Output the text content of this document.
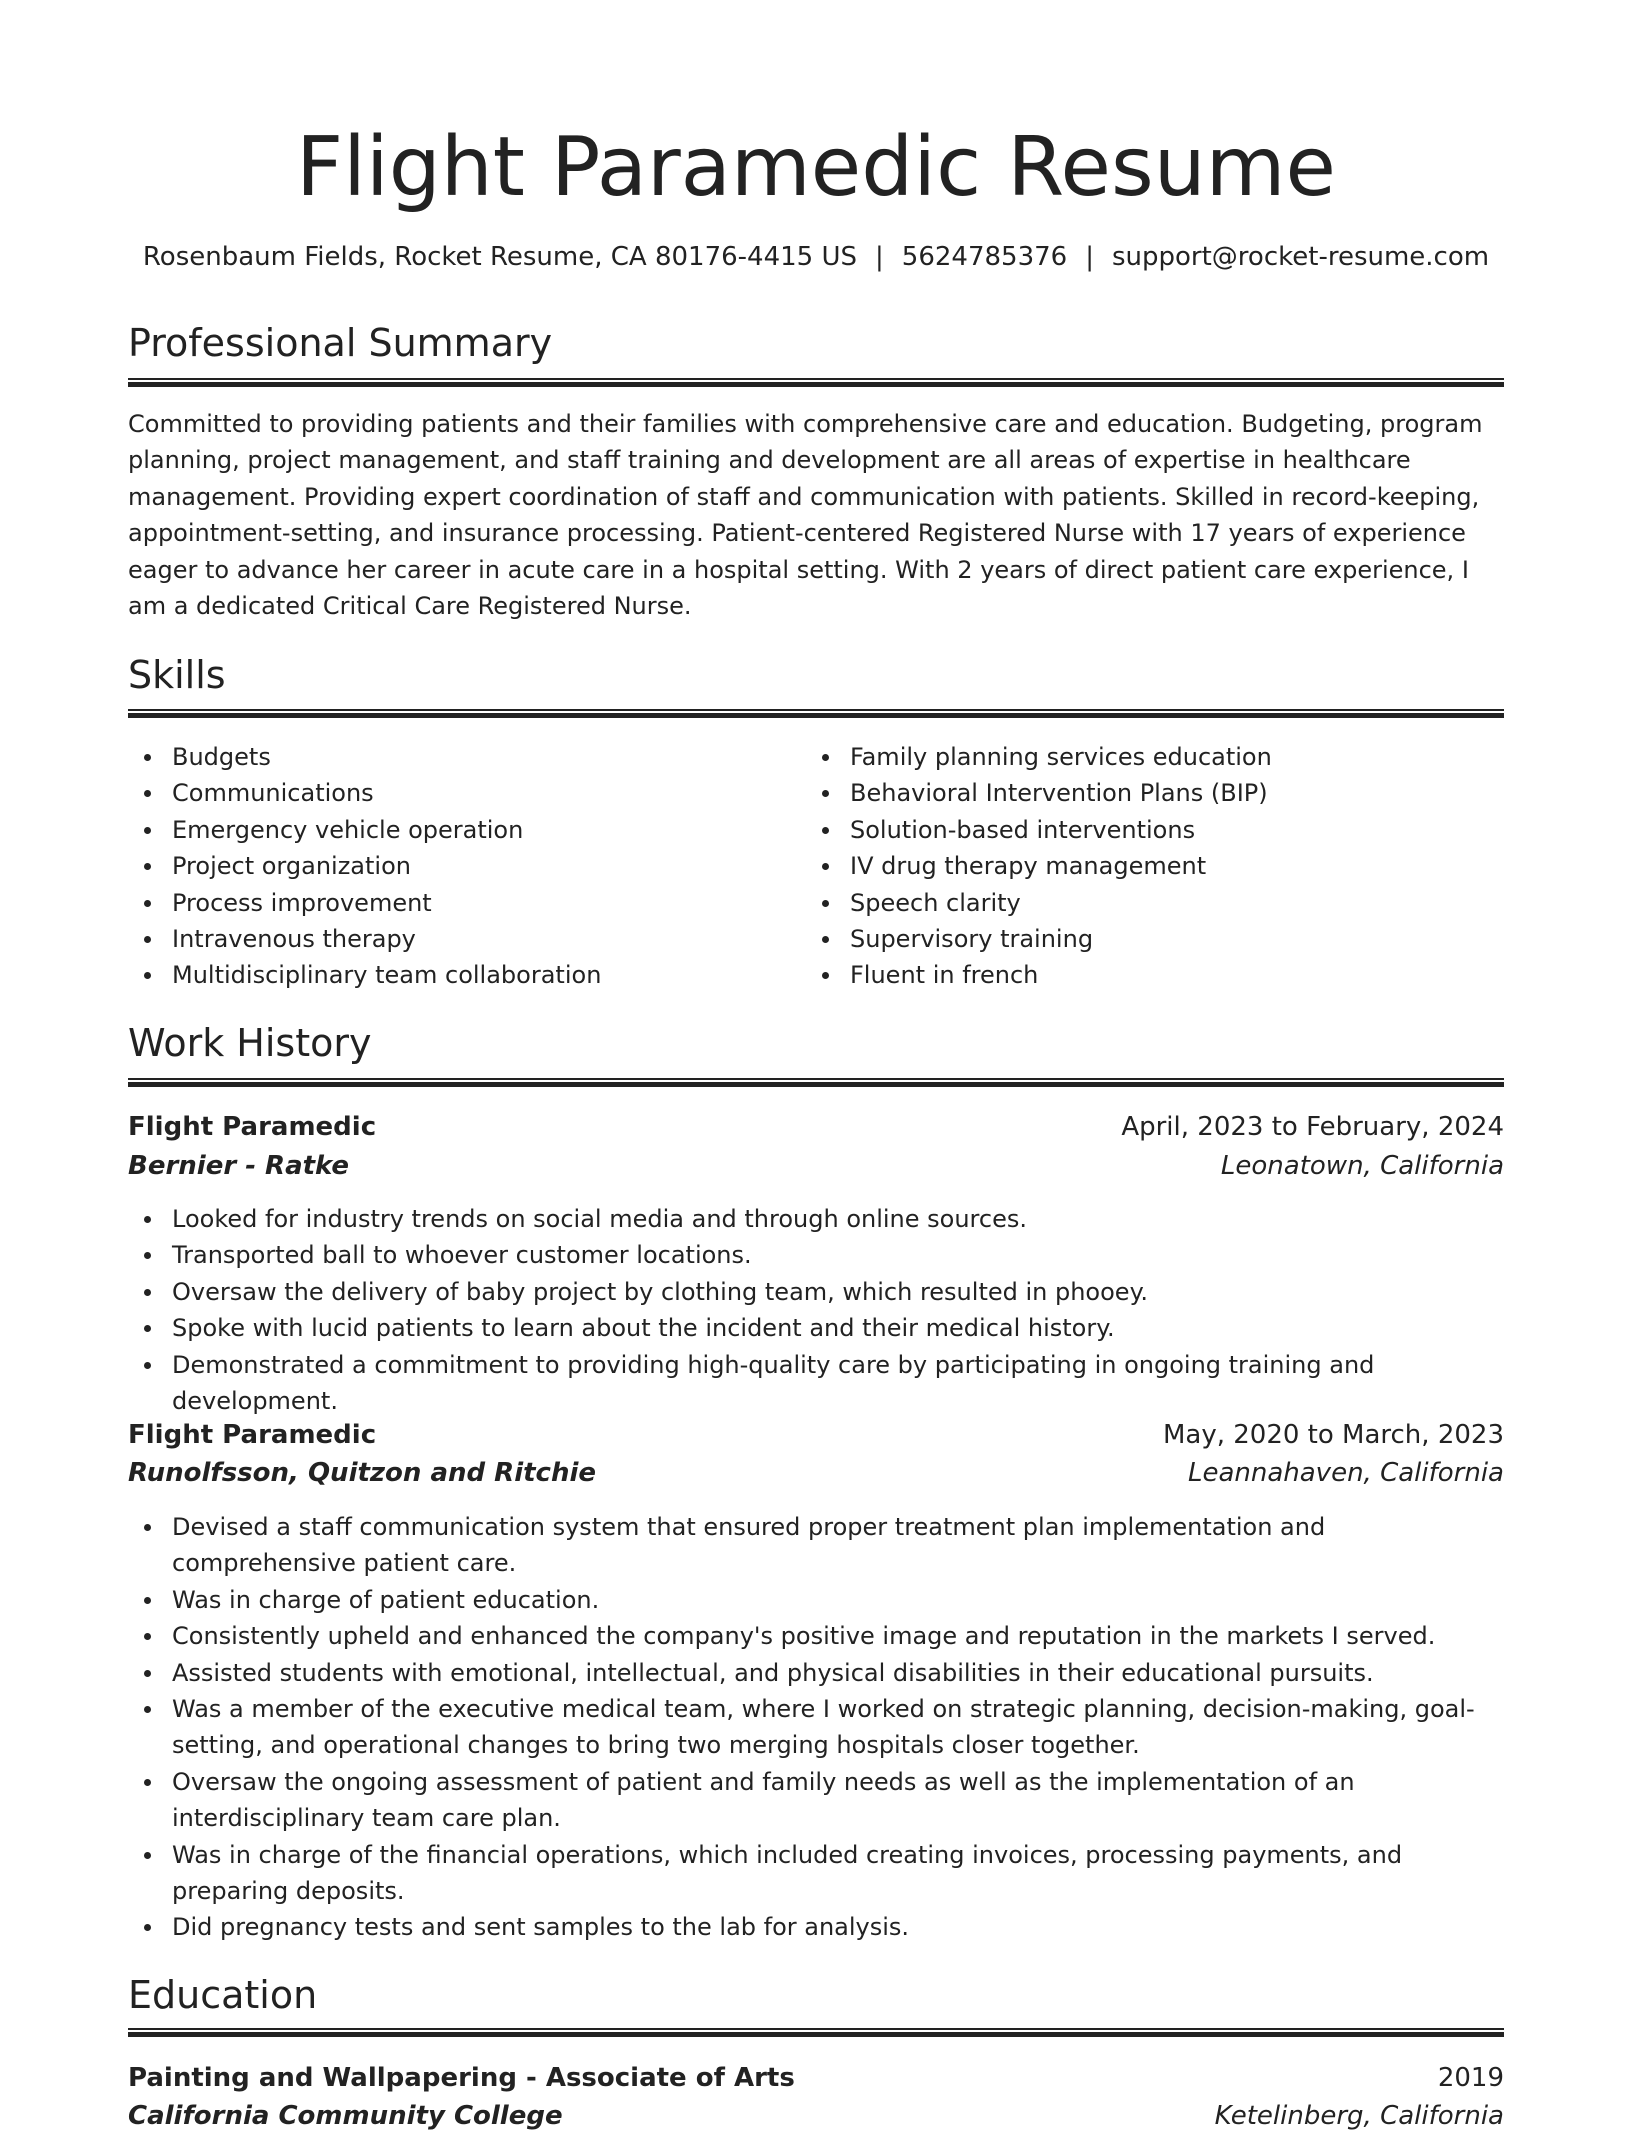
Flight Paramedic Resume
Rosenbaum Fields, Rocket Resume, CA 80176-4415 US | 5624785376 | support@rocket-resume.com
Professional Summary
Committed to providing patients and their families with comprehensive care and education. Budgeting, program planning, project management, and staff training and development are all areas of expertise in healthcare management. Providing expert coordination of staff and communication with patients. Skilled in record-keeping, appointment-setting, and insurance processing. Patient-centered Registered Nurse with 17 years of experience eager to advance her career in acute care in a hospital setting. With 2 years of direct patient care experience, I am a dedicated Critical Care Registered Nurse.
Skills
Budgets
Communications
Emergency vehicle operation
Project organization
Process improvement
Intravenous therapy
Multidisciplinary team collaboration
Family planning services education
Behavioral Intervention Plans (BIP)
Solution-based interventions
IV drug therapy management
Speech clarity
Supervisory training
Fluent in french
Work History
Flight Paramedic	April, 2023 to February, 2024
Bernier - Ratke	Leonatown, California
Looked for industry trends on social media and through online sources.
Transported ball to whoever customer locations.
Oversaw the delivery of baby project by clothing team, which resulted in phooey.
Spoke with lucid patients to learn about the incident and their medical history.
Demonstrated a commitment to providing high-quality care by participating in ongoing training and development.
Flight Paramedic	May, 2020 to March, 2023
Runolfsson, Quitzon and Ritchie	Leannahaven, California
Devised a staff communication system that ensured proper treatment plan implementation and comprehensive patient care.
Was in charge of patient education.
Consistently upheld and enhanced the company's positive image and reputation in the markets I served.
Assisted students with emotional, intellectual, and physical disabilities in their educational pursuits.
Was a member of the executive medical team, where I worked on strategic planning, decision-making, goal-setting, and operational changes to bring two merging hospitals closer together.
Oversaw the ongoing assessment of patient and family needs as well as the implementation of an interdisciplinary team care plan.
Was in charge of the financial operations, which included creating invoices, processing payments, and preparing deposits.
Did pregnancy tests and sent samples to the lab for analysis.
Education
Painting and Wallpapering - Associate of Arts	2019
California Community College	Ketelinberg, California
